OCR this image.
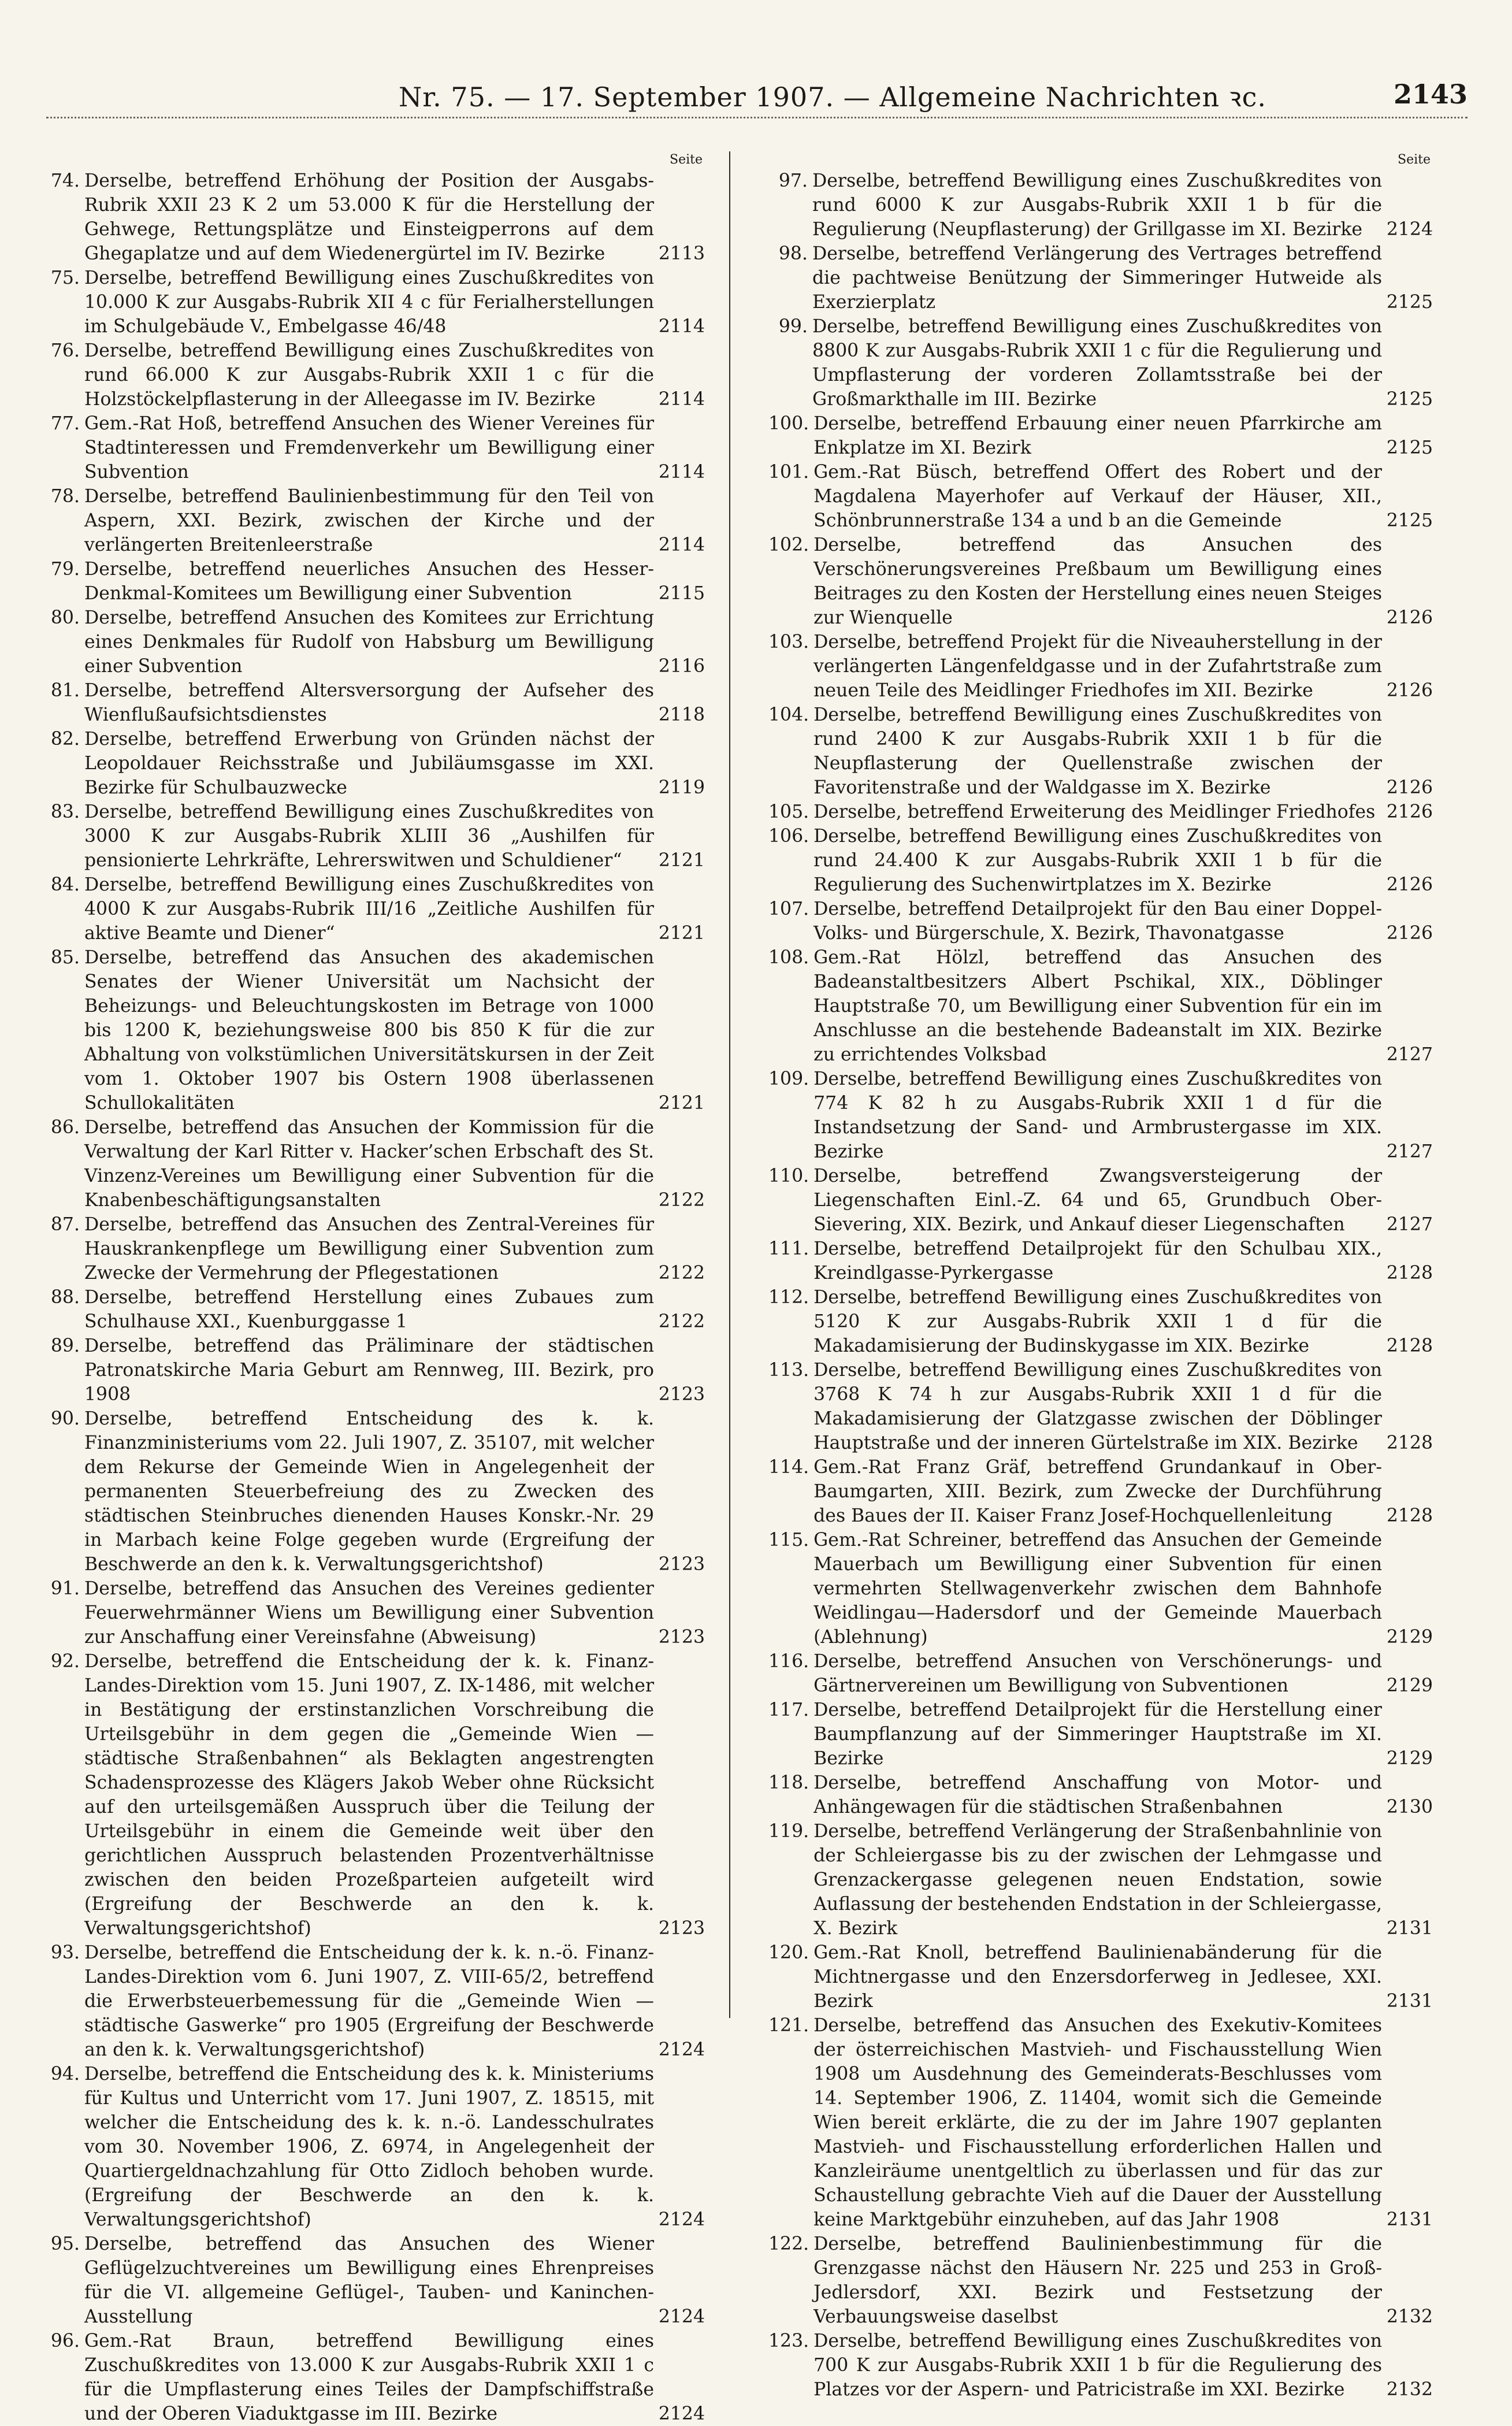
Nr. 75. — 17. September 1907. — Allgemeine Nachrichten ꝛc.	2143
Seite
74. Derselbe, betreffend Erhöhung der Position der Ausgabs-Rubrik XXII 23 K 2 um 53.000 K für die Herstellung der Gehwege, Rettungsplätze und Einsteigperrons auf dem Ghegaplatze und auf dem Wiedenergürtel im IV. Bezirke	2113
75. Derselbe, betreffend Bewilligung eines Zuschußkredites von 10.000 K zur Ausgabs-Rubrik XII 4 c für Ferialherstellungen im Schulgebäude V., Embelgasse 46/48	2114
76. Derselbe, betreffend Bewilligung eines Zuschußkredites von rund 66.000 K zur Ausgabs-Rubrik XXII 1 c für die Holzstöckelpflasterung in der Alleegasse im IV. Bezirke	2114
77. Gem.-Rat Hoß, betreffend Ansuchen des Wiener Vereines für Stadtinteressen und Fremdenverkehr um Bewilligung einer Subvention	2114
78. Derselbe, betreffend Baulinienbestimmung für den Teil von Aspern, XXI. Bezirk, zwischen der Kirche und der verlängerten Breitenleerstraße	2114
79. Derselbe, betreffend neuerliches Ansuchen des Hesser-Denkmal-Komitees um Bewilligung einer Subvention	2115
80. Derselbe, betreffend Ansuchen des Komitees zur Errichtung eines Denkmales für Rudolf von Habsburg um Bewilligung einer Subvention	2116
81. Derselbe, betreffend Altersversorgung der Aufseher des Wienflußaufsichtsdienstes	2118
82. Derselbe, betreffend Erwerbung von Gründen nächst der Leopoldauer Reichsstraße und Jubiläumsgasse im XXI. Bezirke für Schulbauzwecke	2119
83. Derselbe, betreffend Bewilligung eines Zuschußkredites von 3000 K zur Ausgabs-Rubrik XLIII 36 „Aushilfen für pensionierte Lehrkräfte, Lehrerswitwen und Schuldiener“	2121
84. Derselbe, betreffend Bewilligung eines Zuschußkredites von 4000 K zur Ausgabs-Rubrik III/16 „Zeitliche Aushilfen für aktive Beamte und Diener“	2121
85. Derselbe, betreffend das Ansuchen des akademischen Senates der Wiener Universität um Nachsicht der Beheizungs- und Beleuchtungskosten im Betrage von 1000 bis 1200 K, beziehungsweise 800 bis 850 K für die zur Abhaltung von volkstümlichen Universitätskursen in der Zeit vom 1. Oktober 1907 bis Ostern 1908 überlassenen Schullokalitäten	2121
86. Derselbe, betreffend das Ansuchen der Kommission für die Verwaltung der Karl Ritter v. Hacker’schen Erbschaft des St. Vinzenz-Vereines um Bewilligung einer Subvention für die Knabenbeschäftigungsanstalten	2122
87. Derselbe, betreffend das Ansuchen des Zentral-Vereines für Hauskrankenpflege um Bewilligung einer Subvention zum Zwecke der Vermehrung der Pflegestationen	2122
88. Derselbe, betreffend Herstellung eines Zubaues zum Schulhause XXI., Kuenburggasse 1	2122
89. Derselbe, betreffend das Präliminare der städtischen Patronatskirche Maria Geburt am Rennweg, III. Bezirk, pro 1908	2123
90. Derselbe, betreffend Entscheidung des k. k. Finanzministeriums vom 22. Juli 1907, Z. 35107, mit welcher dem Rekurse der Gemeinde Wien in Angelegenheit der permanenten Steuerbefreiung des zu Zwecken des städtischen Steinbruches dienenden Hauses Konskr.-Nr. 29 in Marbach keine Folge gegeben wurde (Ergreifung der Beschwerde an den k. k. Verwaltungsgerichtshof)	2123
91. Derselbe, betreffend das Ansuchen des Vereines gedienter Feuerwehrmänner Wiens um Bewilligung einer Subvention zur Anschaffung einer Vereinsfahne (Abweisung)	2123
92. Derselbe, betreffend die Entscheidung der k. k. Finanz-Landes-Direktion vom 15. Juni 1907, Z. IX-1486, mit welcher in Bestätigung der erstinstanzlichen Vorschreibung die Urteilsgebühr in dem gegen die „Gemeinde Wien — städtische Straßenbahnen“ als Beklagten angestrengten Schadensprozesse des Klägers Jakob Weber ohne Rücksicht auf den urteilsgemäßen Ausspruch über die Teilung der Urteilsgebühr in einem die Gemeinde weit über den gerichtlichen Ausspruch belastenden Prozentverhältnisse zwischen den beiden Prozeßparteien aufgeteilt wird (Ergreifung der Beschwerde an den k. k. Verwaltungsgerichtshof)	2123
93. Derselbe, betreffend die Entscheidung der k. k. n.-ö. Finanz-Landes-Direktion vom 6. Juni 1907, Z. VIII-65/2, betreffend die Erwerbsteuerbemessung für die „Gemeinde Wien — städtische Gaswerke“ pro 1905 (Ergreifung der Beschwerde an den k. k. Verwaltungsgerichtshof)	2124
94. Derselbe, betreffend die Entscheidung des k. k. Ministeriums für Kultus und Unterricht vom 17. Juni 1907, Z. 18515, mit welcher die Entscheidung des k. k. n.-ö. Landesschulrates vom 30. November 1906, Z. 6974, in Angelegenheit der Quartiergeldnachzahlung für Otto Zidloch behoben wurde. (Ergreifung der Beschwerde an den k. k. Verwaltungsgerichtshof)	2124
95. Derselbe, betreffend das Ansuchen des Wiener Geflügelzuchtvereines um Bewilligung eines Ehrenpreises für die VI. allgemeine Geflügel-, Tauben- und Kaninchen-Ausstellung	2124
96. Gem.-Rat Braun, betreffend Bewilligung eines Zuschußkredites von 13.000 K zur Ausgabs-Rubrik XXII 1 c für die Umpflasterung eines Teiles der Dampfschiffstraße und der Oberen Viaduktgasse im III. Bezirke	2124
Seite
97. Derselbe, betreffend Bewilligung eines Zuschußkredites von rund 6000 K zur Ausgabs-Rubrik XXII 1 b für die Regulierung (Neupflasterung) der Grillgasse im XI. Bezirke	2124
98. Derselbe, betreffend Verlängerung des Vertrages betreffend die pachtweise Benützung der Simmeringer Hutweide als Exerzierplatz	2125
99. Derselbe, betreffend Bewilligung eines Zuschußkredites von 8800 K zur Ausgabs-Rubrik XXII 1 c für die Regulierung und Umpflasterung der vorderen Zollamtsstraße bei der Großmarkthalle im III. Bezirke	2125
100. Derselbe, betreffend Erbauung einer neuen Pfarrkirche am Enkplatze im XI. Bezirk	2125
101. Gem.-Rat Büsch, betreffend Offert des Robert und der Magdalena Mayerhofer auf Verkauf der Häuser, XII., Schönbrunnerstraße 134 a und b an die Gemeinde	2125
102. Derselbe, betreffend das Ansuchen des Verschönerungsvereines Preßbaum um Bewilligung eines Beitrages zu den Kosten der Herstellung eines neuen Steiges zur Wienquelle	2126
103. Derselbe, betreffend Projekt für die Niveauherstellung in der verlängerten Längenfeldgasse und in der Zufahrtstraße zum neuen Teile des Meidlinger Friedhofes im XII. Bezirke	2126
104. Derselbe, betreffend Bewilligung eines Zuschußkredites von rund 2400 K zur Ausgabs-Rubrik XXII 1 b für die Neupflasterung der Quellenstraße zwischen der Favoritenstraße und der Waldgasse im X. Bezirke	2126
105. Derselbe, betreffend Erweiterung des Meidlinger Friedhofes 2126
106. Derselbe, betreffend Bewilligung eines Zuschußkredites von rund 24.400 K zur Ausgabs-Rubrik XXII 1 b für die Regulierung des Suchenwirtplatzes im X. Bezirke	2126
107. Derselbe, betreffend Detailprojekt für den Bau einer Doppel-Volks- und Bürgerschule, X. Bezirk, Thavonatgasse	2126
108. Gem.-Rat Hölzl, betreffend das Ansuchen des Badeanstaltbesitzers Albert Pschikal, XIX., Döblinger Hauptstraße 70, um Bewilligung einer Subvention für ein im Anschlusse an die bestehende Badeanstalt im XIX. Bezirke zu errichtendes Volksbad	2127
109. Derselbe, betreffend Bewilligung eines Zuschußkredites von 774 K 82 h zu Ausgabs-Rubrik XXII 1 d für die Instandsetzung der Sand- und Armbrustergasse im XIX. Bezirke	2127
110. Derselbe, betreffend Zwangsversteigerung der Liegenschaften Einl.-Z. 64 und 65, Grundbuch Ober-Sievering, XIX. Bezirk, und Ankauf dieser Liegenschaften	2127
111. Derselbe, betreffend Detailprojekt für den Schulbau XIX., Kreindlgasse-Pyrkergasse	2128
112. Derselbe, betreffend Bewilligung eines Zuschußkredites von 5120 K zur Ausgabs-Rubrik XXII 1 d für die Makadamisierung der Budinskygasse im XIX. Bezirke	2128
113. Derselbe, betreffend Bewilligung eines Zuschußkredites von 3768 K 74 h zur Ausgabs-Rubrik XXII 1 d für die Makadamisierung der Glatzgasse zwischen der Döblinger Hauptstraße und der inneren Gürtelstraße im XIX. Bezirke	2128
114. Gem.-Rat Franz Gräf, betreffend Grundankauf in Ober-Baumgarten, XIII. Bezirk, zum Zwecke der Durchführung des Baues der II. Kaiser Franz Josef-Hochquellenleitung	2128
115. Gem.-Rat Schreiner, betreffend das Ansuchen der Gemeinde Mauerbach um Bewilligung einer Subvention für einen vermehrten Stellwagenverkehr zwischen dem Bahnhofe Weidlingau—Hadersdorf und der Gemeinde Mauerbach (Ablehnung)	2129
116. Derselbe, betreffend Ansuchen von Verschönerungs- und Gärtnervereinen um Bewilligung von Subventionen	2129
117. Derselbe, betreffend Detailprojekt für die Herstellung einer Baumpflanzung auf der Simmeringer Hauptstraße im XI. Bezirke	2129
118. Derselbe, betreffend Anschaffung von Motor- und Anhängewagen für die städtischen Straßenbahnen	2130
119. Derselbe, betreffend Verlängerung der Straßenbahnlinie von der Schleiergasse bis zu der zwischen der Lehmgasse und Grenzackergasse gelegenen neuen Endstation, sowie Auflassung der bestehenden Endstation in der Schleiergasse, X. Bezirk	2131
120. Gem.-Rat Knoll, betreffend Baulinienabänderung für die Michtnergasse und den Enzersdorferweg in Jedlesee, XXI. Bezirk	2131
121. Derselbe, betreffend das Ansuchen des Exekutiv-Komitees der österreichischen Mastvieh- und Fischausstellung Wien 1908 um Ausdehnung des Gemeinderats-Beschlusses vom 14. September 1906, Z. 11404, womit sich die Gemeinde Wien bereit erklärte, die zu der im Jahre 1907 geplanten Mastvieh- und Fischausstellung erforderlichen Hallen und Kanzleiräume unentgeltlich zu überlassen und für das zur Schaustellung gebrachte Vieh auf die Dauer der Ausstellung keine Marktgebühr einzuheben, auf das Jahr 1908	2131
122. Derselbe, betreffend Baulinienbestimmung für die Grenzgasse nächst den Häusern Nr. 225 und 253 in Groß-Jedlersdorf, XXI. Bezirk und Festsetzung der Verbauungsweise daselbst	2132
123. Derselbe, betreffend Bewilligung eines Zuschußkredites von 700 K zur Ausgabs-Rubrik XXII 1 b für die Regulierung des Platzes vor der Aspern- und Patricistraße im XXI. Bezirke	2132
